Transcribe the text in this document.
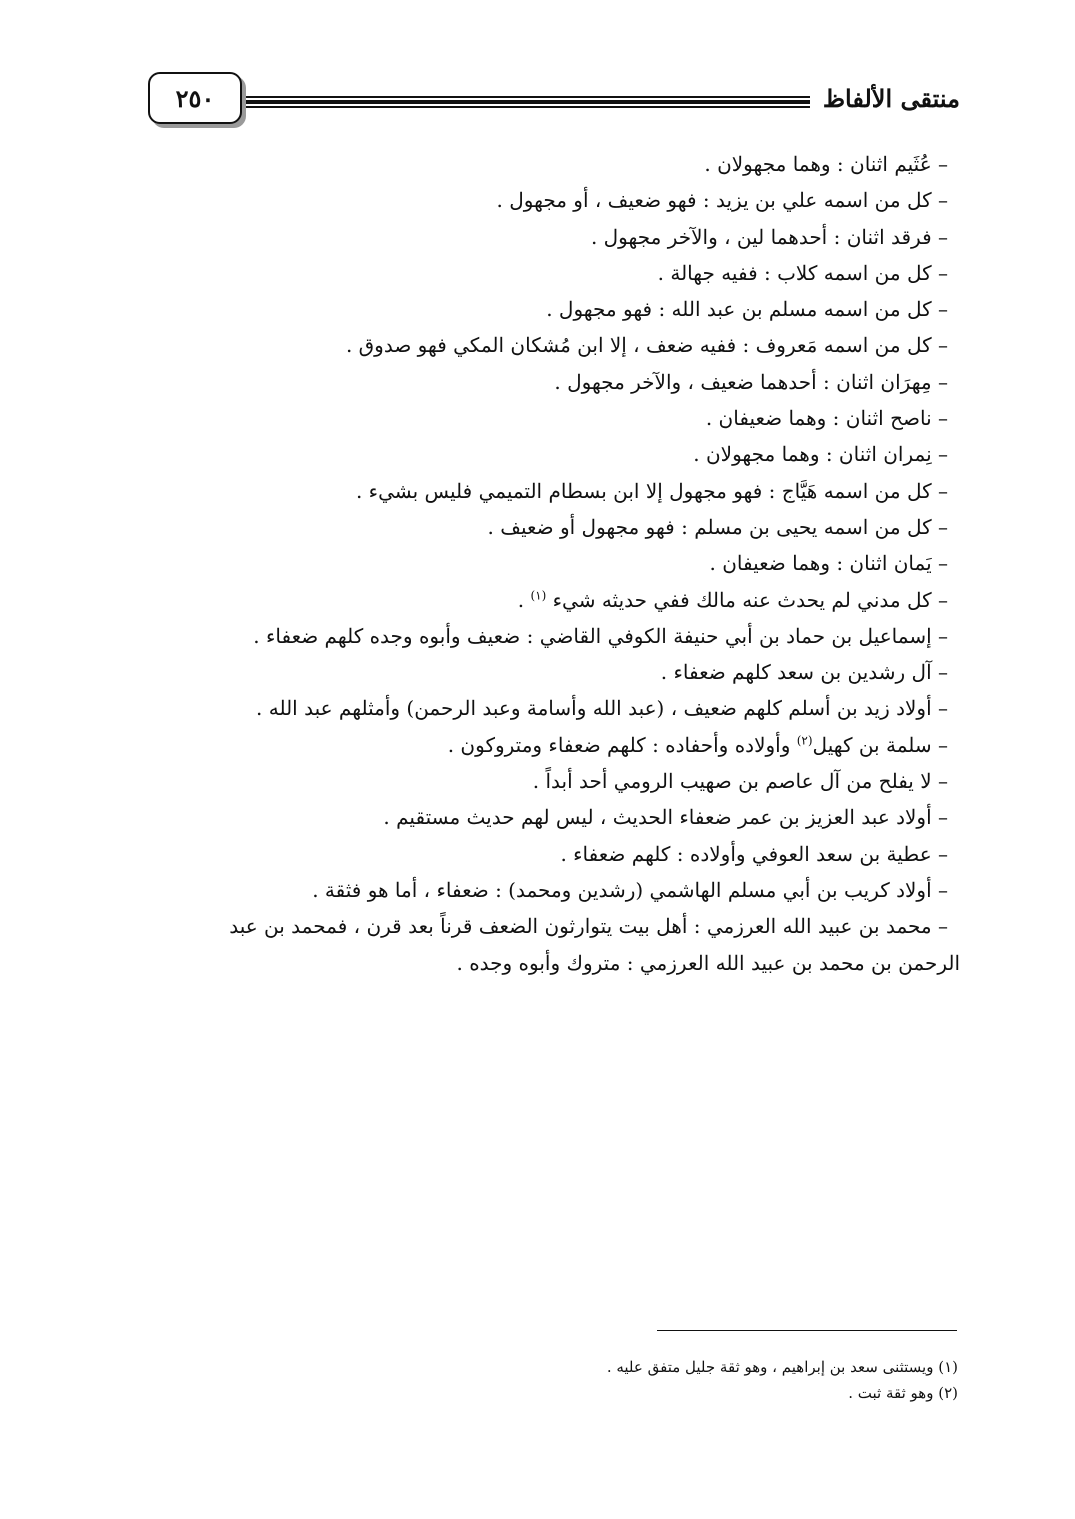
منتقى الألفاظ
٢٥٠
– عُثَيم اثنان : وهما مجهولان .
– كل من اسمه علي بن يزيد : فهو ضعيف ، أو مجهول .
– فرقد اثنان : أحدهما لين ، والآخر مجهول .
– كل من اسمه كلاب : ففيه جهالة .
– كل من اسمه مسلم بن عبد الله : فهو مجهول .
– كل من اسمه مَعروف : ففيه ضعف ، إلا ابن مُشكان المكي فهو صدوق .
– مِهرَان اثنان : أحدهما ضعيف ، والآخر مجهول .
– ناصح اثنان : وهما ضعيفان .
– نِمران اثنان : وهما مجهولان .
– كل من اسمه هَيَّاج : فهو مجهول إلا ابن بسطام التميمي فليس بشيء .
– كل من اسمه يحيى بن مسلم : فهو مجهول أو ضعيف .
– يَمان اثنان : وهما ضعيفان .
– كل مدني لم يحدث عنه مالك ففي حديثه شيء $^{(١)}$ .
– إسماعيل بن حماد بن أبي حنيفة الكوفي القاضي : ضعيف وأبوه وجده كلهم ضعفاء .
– آل رشدين بن سعد كلهم ضعفاء .
– أولاد زيد بن أسلم كلهم ضعيف ، (عبد الله وأسامة وعبد الرحمن) وأمثلهم عبد الله .
– سلمة بن كهيل$^{(٢)}$ وأولاده وأحفاده : كلهم ضعفاء ومتروكون .
– لا يفلح من آل عاصم بن صهيب الرومي أحد أبداً .
– أولاد عبد العزيز بن عمر ضعفاء الحديث ، ليس لهم حديث مستقيم .
– عطية بن سعد العوفي وأولاده : كلهم ضعفاء .
– أولاد كريب بن أبي مسلم الهاشمي (رشدين ومحمد) : ضعفاء ، أما هو فثقة .
– محمد بن عبيد الله العرزمي : أهل بيت يتوارثون الضعف قرناً بعد قرن ، فمحمد بن عبد
الرحمن بن محمد بن عبيد الله العرزمي : متروك وأبوه وجده .
(١) ويستثنى سعد بن إبراهيم ، وهو ثقة جليل متفق عليه .
(٢) وهو ثقة ثبت .
